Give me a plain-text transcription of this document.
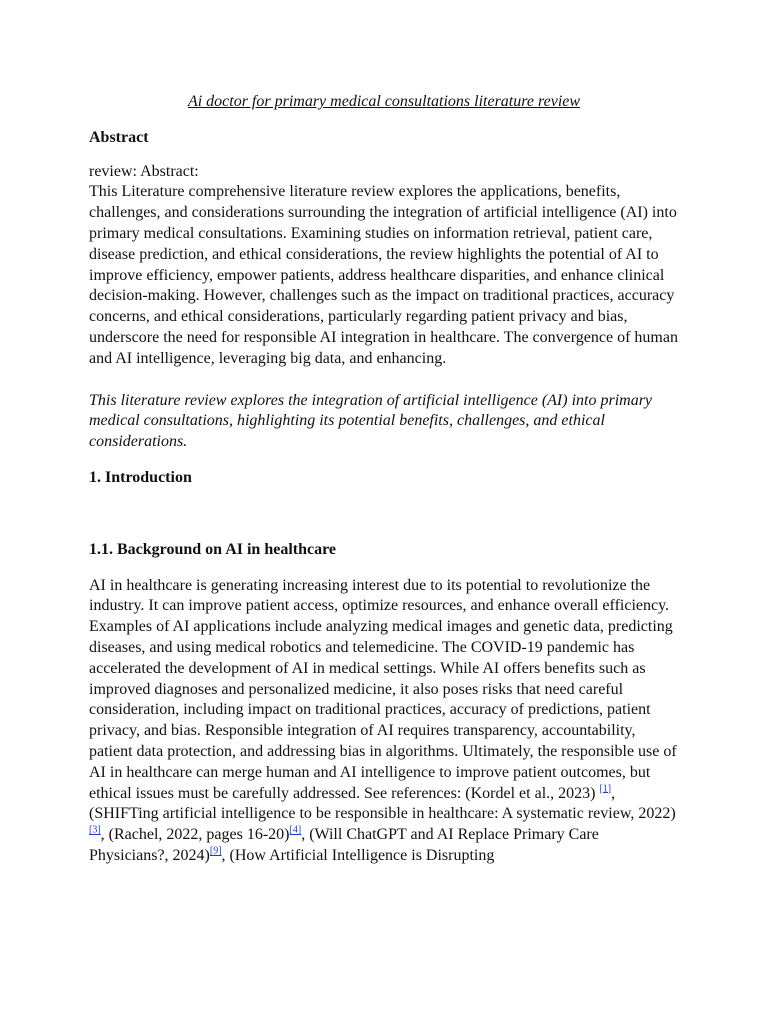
Ai doctor for primary medical consultations literature review

Abstract

review: Abstract:

This Literature comprehensive literature review explores the applications, benefits, challenges, and considerations surrounding the integration of artificial intelligence (AI) into primary medical consultations. Examining studies on information retrieval, patient care, disease prediction, and ethical considerations, the review highlights the potential of AI to improve efficiency, empower patients, address healthcare disparities, and enhance clinical decision-making. However, challenges such as the impact on traditional practices, accuracy concerns, and ethical considerations, particularly regarding patient privacy and bias, underscore the need for responsible AI integration in healthcare. The convergence of human and AI intelligence, leveraging big data, and enhancing.

This literature review explores the integration of artificial intelligence (AI) into primary medical consultations, highlighting its potential benefits, challenges, and ethical considerations.

1. Introduction

1.1. Background on AI in healthcare

AI in healthcare is generating increasing interest due to its potential to revolutionize the industry. It can improve patient access, optimize resources, and enhance overall efficiency. Examples of AI applications include analyzing medical images and genetic data, predicting diseases, and using medical robotics and telemedicine. The COVID-19 pandemic has accelerated the development of AI in medical settings. While AI offers benefits such as improved diagnoses and personalized medicine, it also poses risks that need careful consideration, including impact on traditional practices, accuracy of predictions, patient privacy, and bias. Responsible integration of AI requires transparency, accountability, patient data protection, and addressing bias in algorithms. Ultimately, the responsible use of AI in healthcare can merge human and AI intelligence to improve patient outcomes, but ethical issues must be carefully addressed. See references: (Kordel et al., 2023) [1], (SHIFTing artificial intelligence to be responsible in healthcare: A systematic review, 2022)[3], (Rachel, 2022, pages 16-20)[4], (Will ChatGPT and AI Replace Primary Care Physicians?, 2024)[9], (How Artificial Intelligence is Disrupting
